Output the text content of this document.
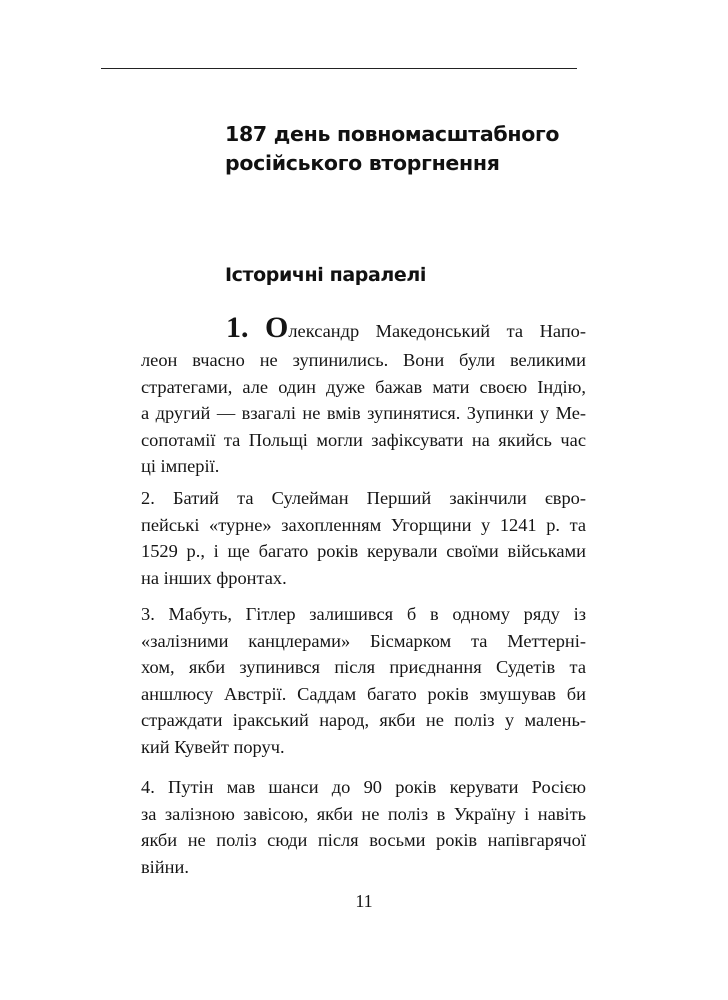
187 день повномасштабного
російського вторгнення
Історичні паралелі
1. Олександр Македонський та Напо-
леон вчасно не зупинились. Вони були великими
стратегами, але один дуже бажав мати своєю Індію,
а другий — взагалі не вмів зупинятися. Зупинки у Ме-
сопотамії та Польщі могли зафіксувати на якийсь час
ці імперії.
2. Батий та Сулейман Перший закінчили євро-
пейські «турне» захопленням Угорщини у 1241 р. та
1529 р., і ще багато років керували своїми військами
на інших фронтах.
3. Мабуть, Гітлер залишився б в одному ряду із
«залізними канцлерами» Бісмарком та Меттерні-
хом, якби зупинився після приєднання Судетів та
аншлюсу Австрії. Саддам багато років змушував би
страждати іракський народ, якби не поліз у малень-
кий Кувейт поруч.
4. Путін мав шанси до 90 років керувати Росією
за залізною завісою, якби не поліз в Україну і навіть
якби не поліз сюди після восьми років напівгарячої
війни.

11
